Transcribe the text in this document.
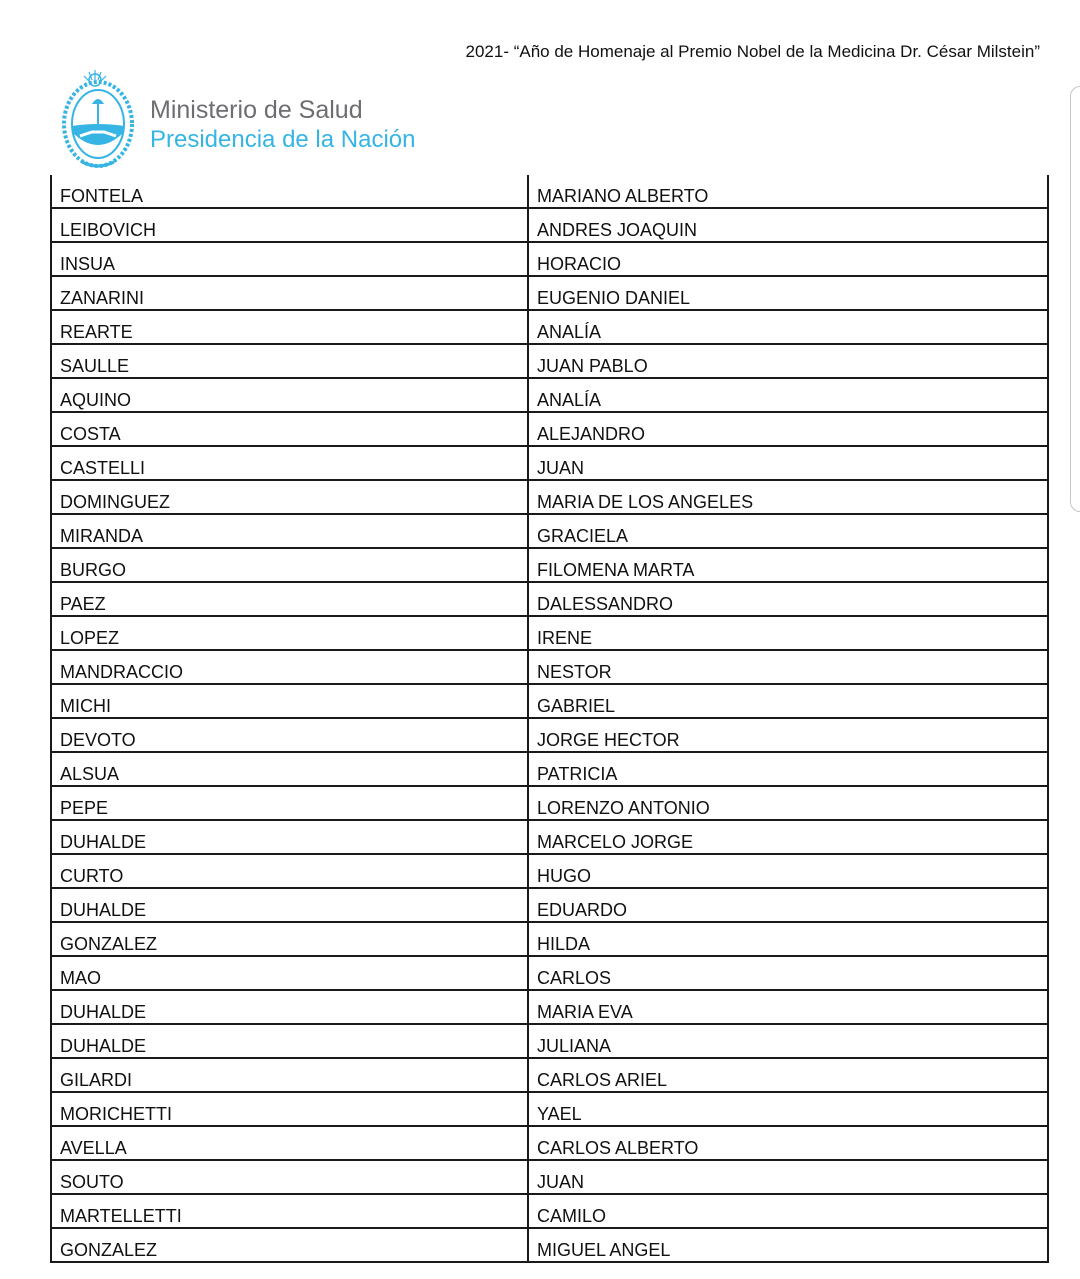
2021- “Año de Homenaje al Premio Nobel de la Medicina Dr. César Milstein”
Ministerio de Salud
Presidencia de la Nación
FONTELA	MARIANO ALBERTO
LEIBOVICH	ANDRES JOAQUIN
INSUA	HORACIO
ZANARINI	EUGENIO DANIEL
REARTE	ANALÍA
SAULLE	JUAN PABLO
AQUINO	ANALÍA
COSTA	ALEJANDRO
CASTELLI	JUAN
DOMINGUEZ	MARIA DE LOS ANGELES
MIRANDA	GRACIELA
BURGO	FILOMENA MARTA
PAEZ	DALESSANDRO
LOPEZ	IRENE
MANDRACCIO	NESTOR
MICHI	GABRIEL
DEVOTO	JORGE HECTOR
ALSUA	PATRICIA
PEPE	LORENZO ANTONIO
DUHALDE	MARCELO JORGE
CURTO	HUGO
DUHALDE	EDUARDO
GONZALEZ	HILDA
MAO	CARLOS
DUHALDE	MARIA EVA
DUHALDE	JULIANA
GILARDI	CARLOS ARIEL
MORICHETTI	YAEL
AVELLA	CARLOS ALBERTO
SOUTO	JUAN
MARTELLETTI	CAMILO
GONZALEZ	MIGUEL ANGEL
